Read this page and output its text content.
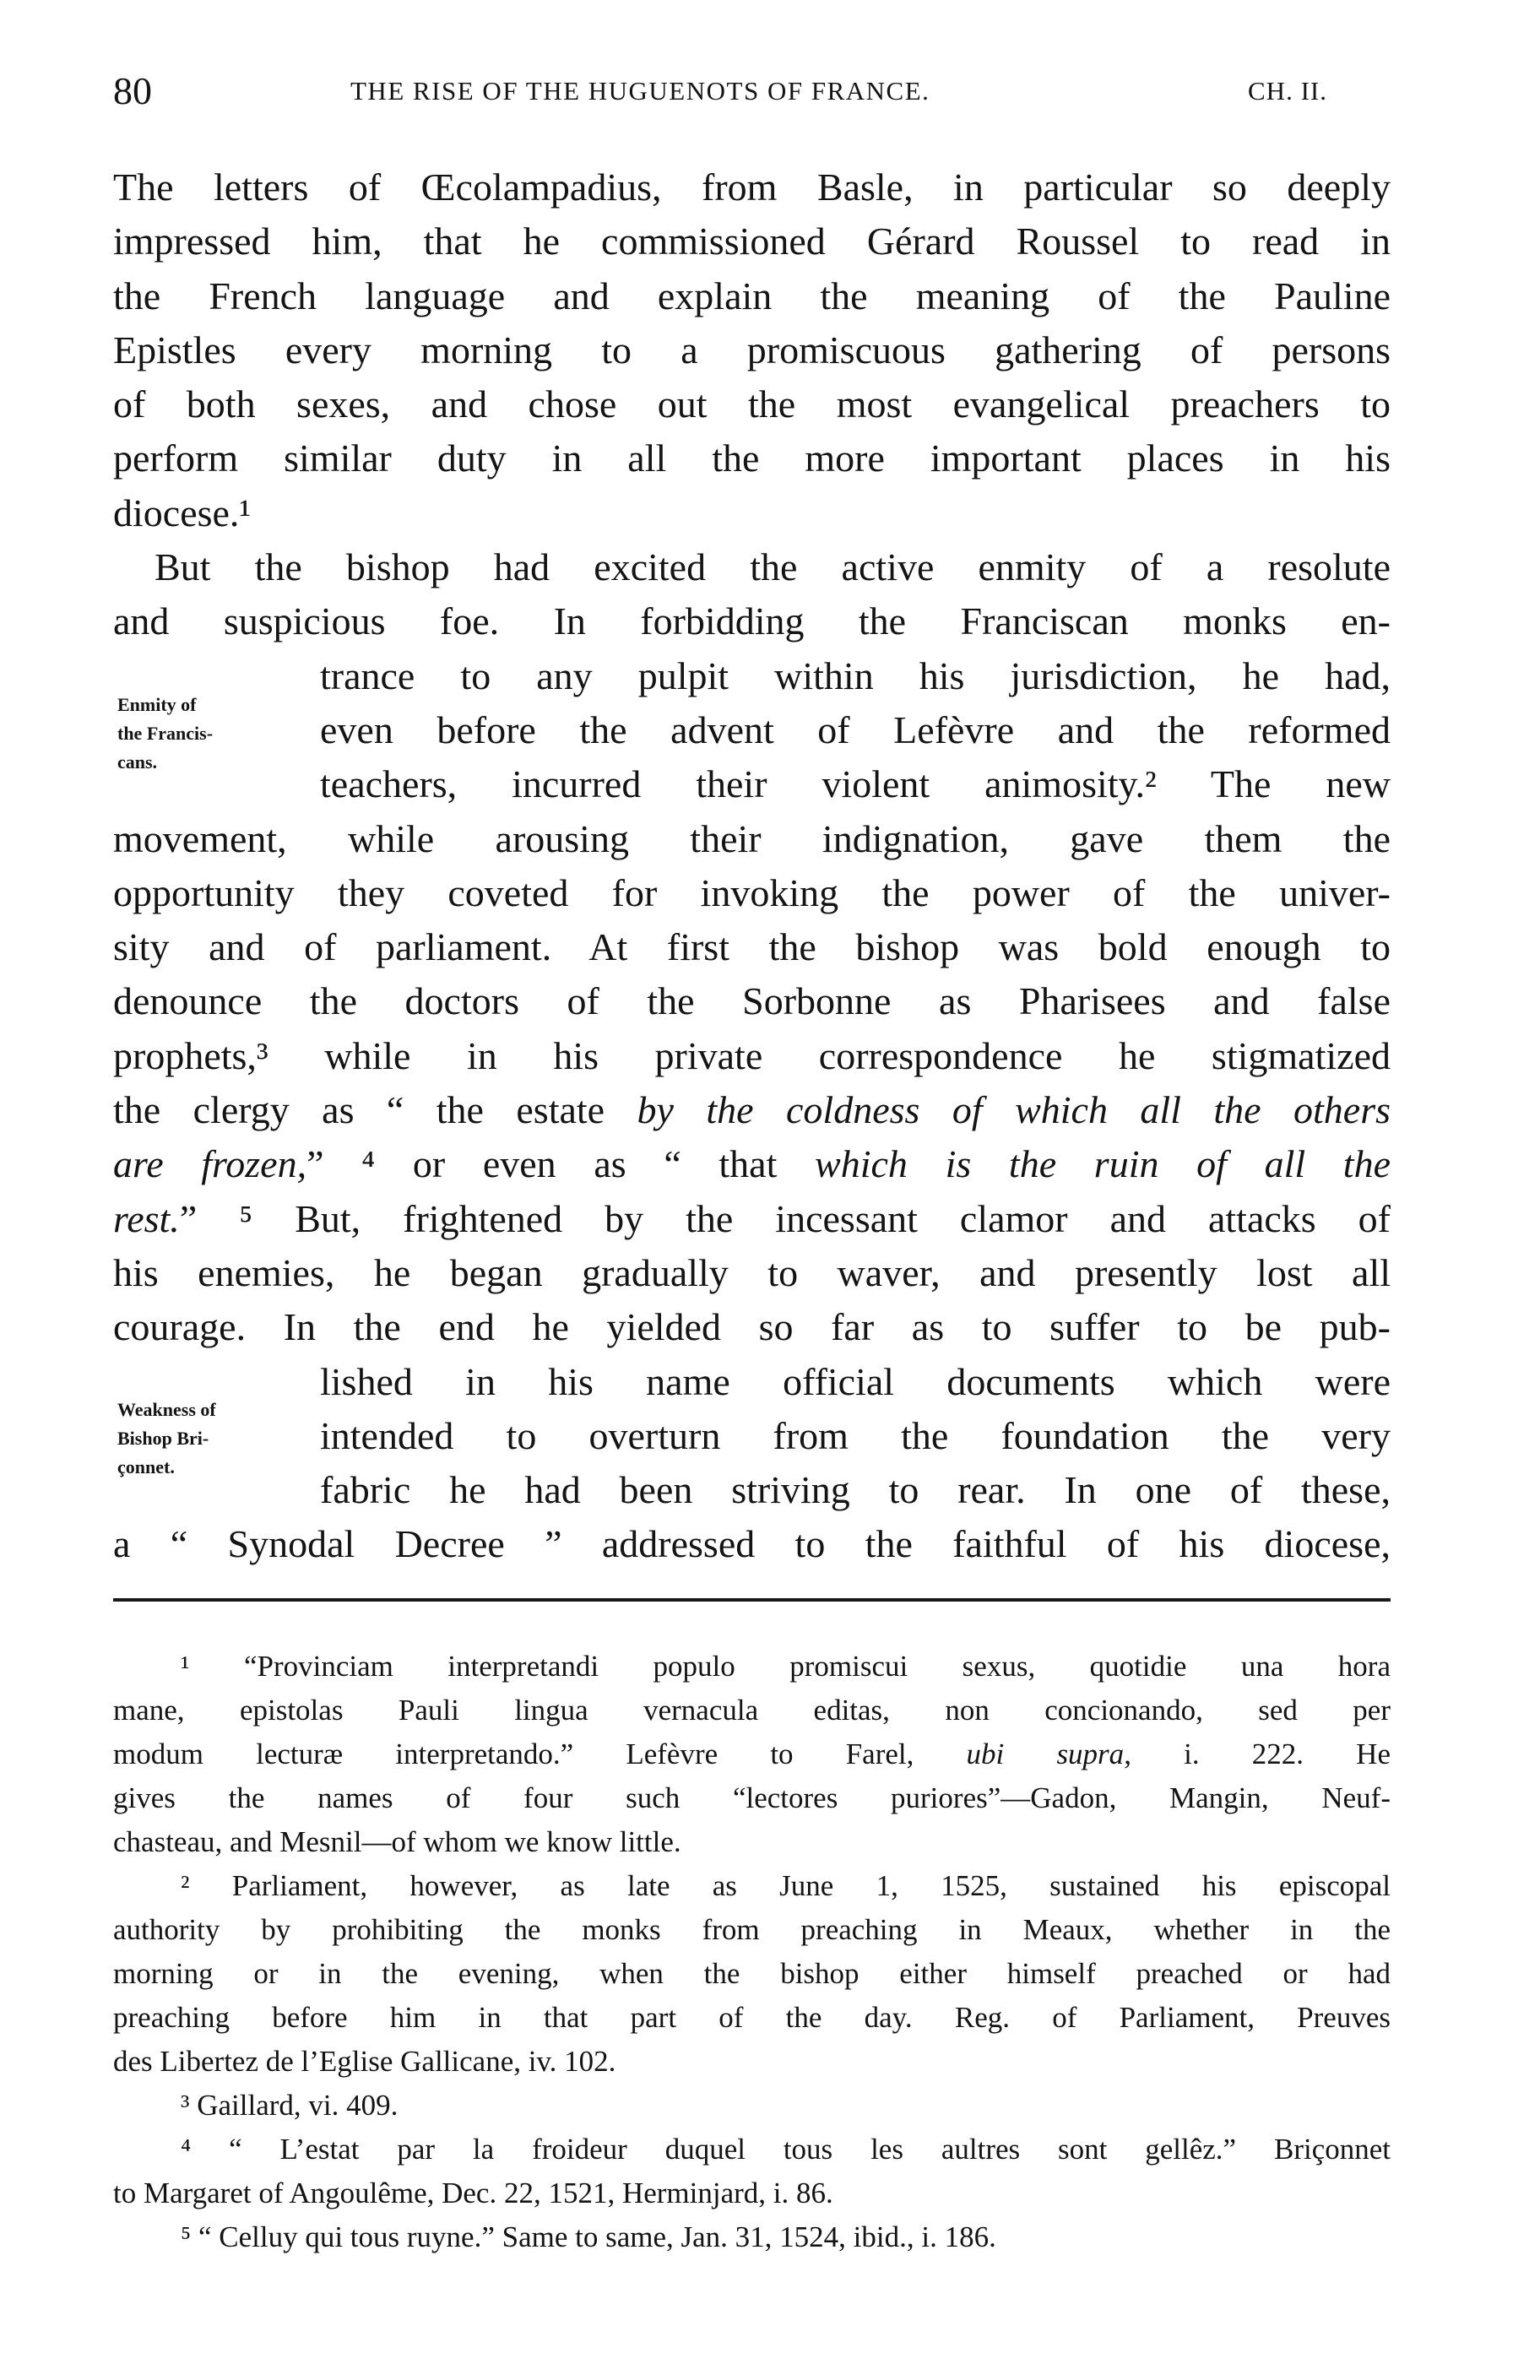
80	THE RISE OF THE HUGUENOTS OF FRANCE.	CH. II.
The letters of Œcolampadius, from Basle, in particular so deeply
impressed him, that he commissioned Gérard Roussel to read in
the French language and explain the meaning of the Pauline
Epistles every morning to a promiscuous gathering of persons
of both sexes, and chose out the most evangelical preachers to
perform similar duty in all the more important places in his
diocese.¹
But the bishop had excited the active enmity of a resolute
and suspicious foe. In forbidding the Franciscan monks en-
trance to any pulpit within his jurisdiction, he had,
even before the advent of Lefèvre and the reformed
teachers, incurred their violent animosity.² The new
movement, while arousing their indignation, gave them the
opportunity they coveted for invoking the power of the univer-
sity and of parliament. At first the bishop was bold enough to
denounce the doctors of the Sorbonne as Pharisees and false
prophets,³ while in his private correspondence he stigmatized
the clergy as “ the estate by the coldness of which all the others
are frozen,” ⁴ or even as “ that which is the ruin of all the
rest.” ⁵ But, frightened by the incessant clamor and attacks of
his enemies, he began gradually to waver, and presently lost all
courage. In the end he yielded so far as to suffer to be pub-
lished in his name official documents which were
intended to overturn from the foundation the very
fabric he had been striving to rear. In one of these,
a “ Synodal Decree ” addressed to the faithful of his diocese,
Enmity of
the Francis-
cans.
Weakness of
Bishop Bri-
çonnet.
¹ “Provinciam interpretandi populo promiscui sexus, quotidie una hora
mane, epistolas Pauli lingua vernacula editas, non concionando, sed per
modum lecturæ interpretando.” Lefèvre to Farel, ubi supra, i. 222. He
gives the names of four such “lectores puriores”—Gadon, Mangin, Neuf-
chasteau, and Mesnil—of whom we know little.
² Parliament, however, as late as June 1, 1525, sustained his episcopal
authority by prohibiting the monks from preaching in Meaux, whether in the
morning or in the evening, when the bishop either himself preached or had
preaching before him in that part of the day. Reg. of Parliament, Preuves
des Libertez de l’Eglise Gallicane, iv. 102.
³ Gaillard, vi. 409.
⁴ “ L’estat par la froideur duquel tous les aultres sont gellêz.” Briçonnet
to Margaret of Angoulême, Dec. 22, 1521, Herminjard, i. 86.
⁵ “ Celluy qui tous ruyne.” Same to same, Jan. 31, 1524, ibid., i. 186.
